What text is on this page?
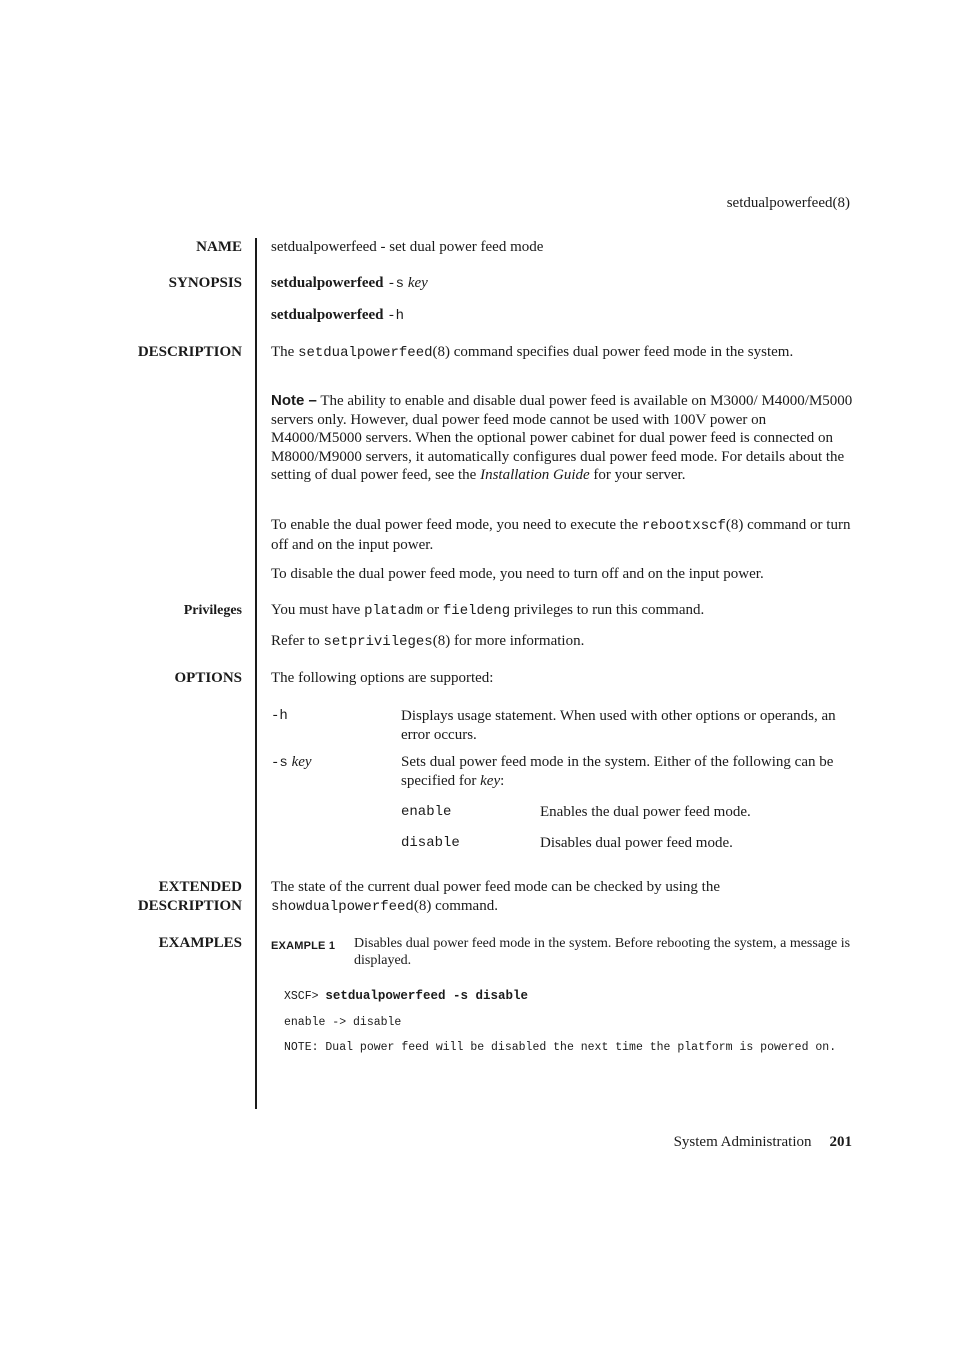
setdualpowerfeed(8)
NAME setdualpowerfeed - set dual power feed mode
SYNOPSIS setdualpowerfeed -s key
setdualpowerfeed -h
DESCRIPTION The setdualpowerfeed(8) command specifies dual power feed mode in the system.
Note – The ability to enable and disable dual power feed is available on M3000/ M4000/M5000 servers only. However, dual power feed mode cannot be used with 100V power on M4000/M5000 servers. When the optional power cabinet for dual power feed is connected on M8000/M9000 servers, it automatically configures dual power feed mode. For details about the setting of dual power feed, see the Installation Guide for your server.
To enable the dual power feed mode, you need to execute the rebootxscf(8) command or turn off and on the input power.
To disable the dual power feed mode, you need to turn off and on the input power.
Privileges You must have platadm or fieldeng privileges to run this command.
Refer to setprivileges(8) for more information.
OPTIONS The following options are supported:
-h	Displays usage statement. When used with other options or operands, an error occurs.
-s key	Sets dual power feed mode in the system. Either of the following can be specified for key:
enable	Enables the dual power feed mode.
disable	Disables dual power feed mode.
EXTENDED
DESCRIPTION
The state of the current dual power feed mode can be checked by using the showdualpowerfeed(8) command.
EXAMPLES	EXAMPLE 1 Disables dual power feed mode in the system. Before rebooting the system, a message is displayed.
XSCF> setdualpowerfeed -s disable
enable -> disable
NOTE: Dual power feed will be disabled the next time the platform is powered on.
System Administration 201
